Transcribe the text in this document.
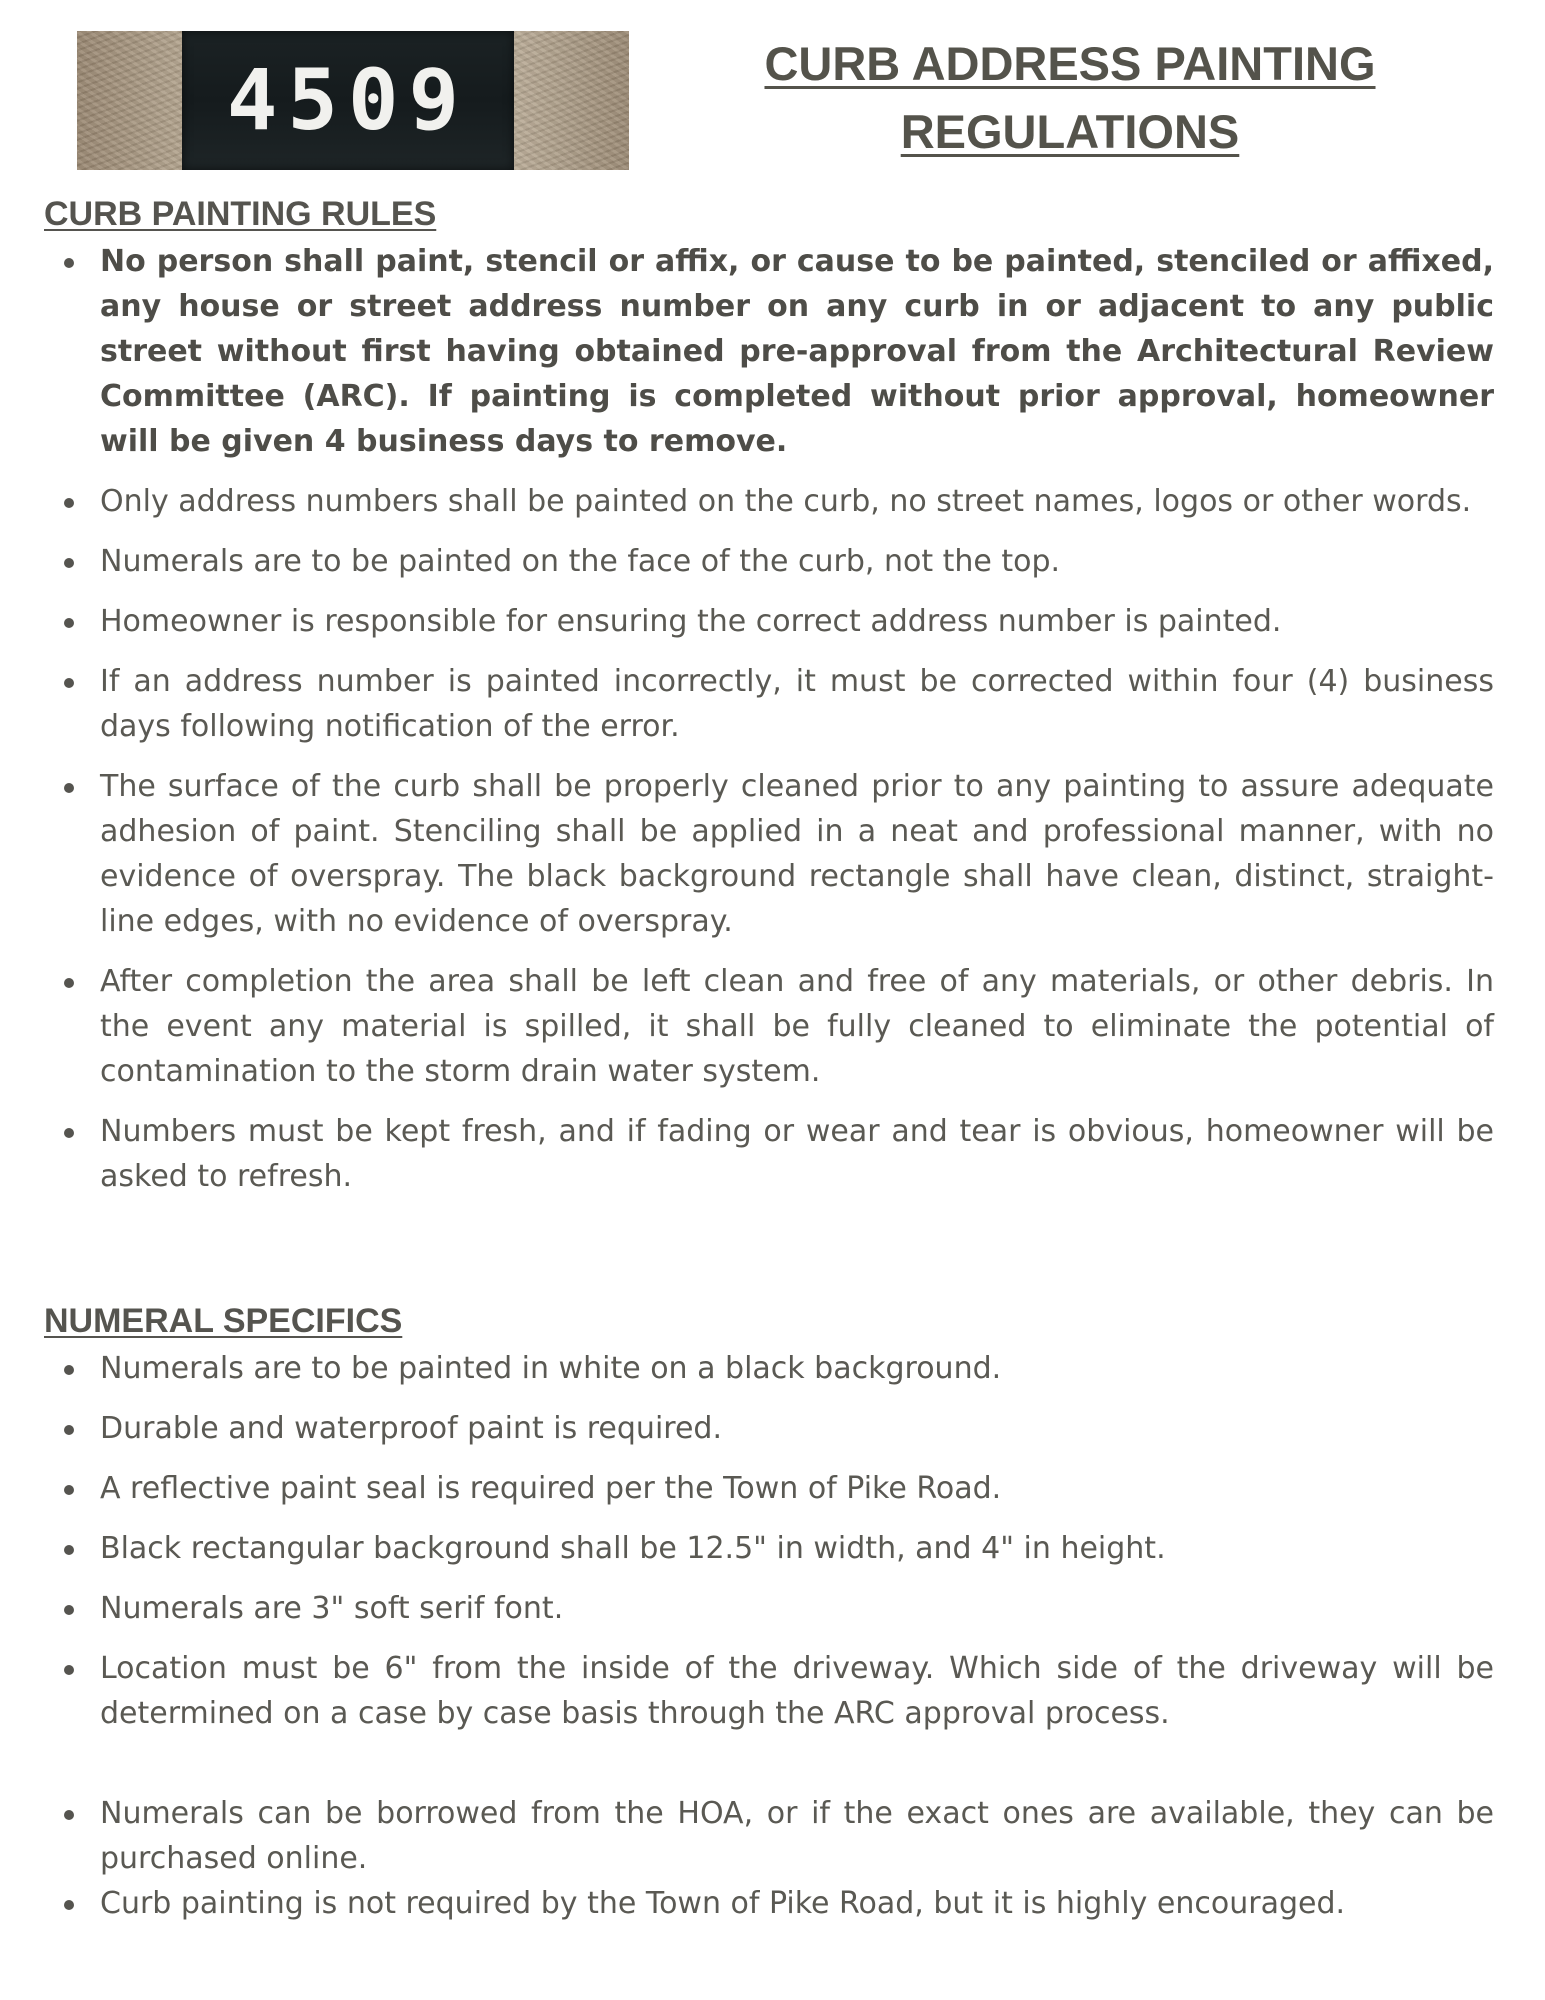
4509	CURB ADDRESS PAINTING
REGULATIONS
CURB PAINTING RULES
No person shall paint, stencil or affix, or cause to be painted, stenciled or affixed, any house or street address number on any curb in or adjacent to any public street without first having obtained pre-approval from the Architectural Review Committee (ARC). If painting is completed without prior approval, homeowner will be given 4 business days to remove.
Only address numbers shall be painted on the curb, no street names, logos or other words.
Numerals are to be painted on the face of the curb, not the top.
Homeowner is responsible for ensuring the correct address number is painted.
If an address number is painted incorrectly, it must be corrected within four (4) business days following notification of the error.
The surface of the curb shall be properly cleaned prior to any painting to assure adequate adhesion of paint. Stenciling shall be applied in a neat and professional manner, with no evidence of overspray. The black background rectangle shall have clean, distinct, straight-line edges, with no evidence of overspray.
After completion the area shall be left clean and free of any materials, or other debris. In the event any material is spilled, it shall be fully cleaned to eliminate the potential of contamination to the storm drain water system.
Numbers must be kept fresh, and if fading or wear and tear is obvious, homeowner will be asked to refresh.
NUMERAL SPECIFICS
Numerals are to be painted in white on a black background.
Durable and waterproof paint is required.
A reflective paint seal is required per the Town of Pike Road.
Black rectangular background shall be 12.5" in width, and 4" in height.
Numerals are 3" soft serif font.
Location must be 6" from the inside of the driveway. Which side of the driveway will be determined on a case by case basis through the ARC approval process.
Numerals can be borrowed from the HOA, or if the exact ones are available, they can be purchased online.
Curb painting is not required by the Town of Pike Road, but it is highly encouraged.
